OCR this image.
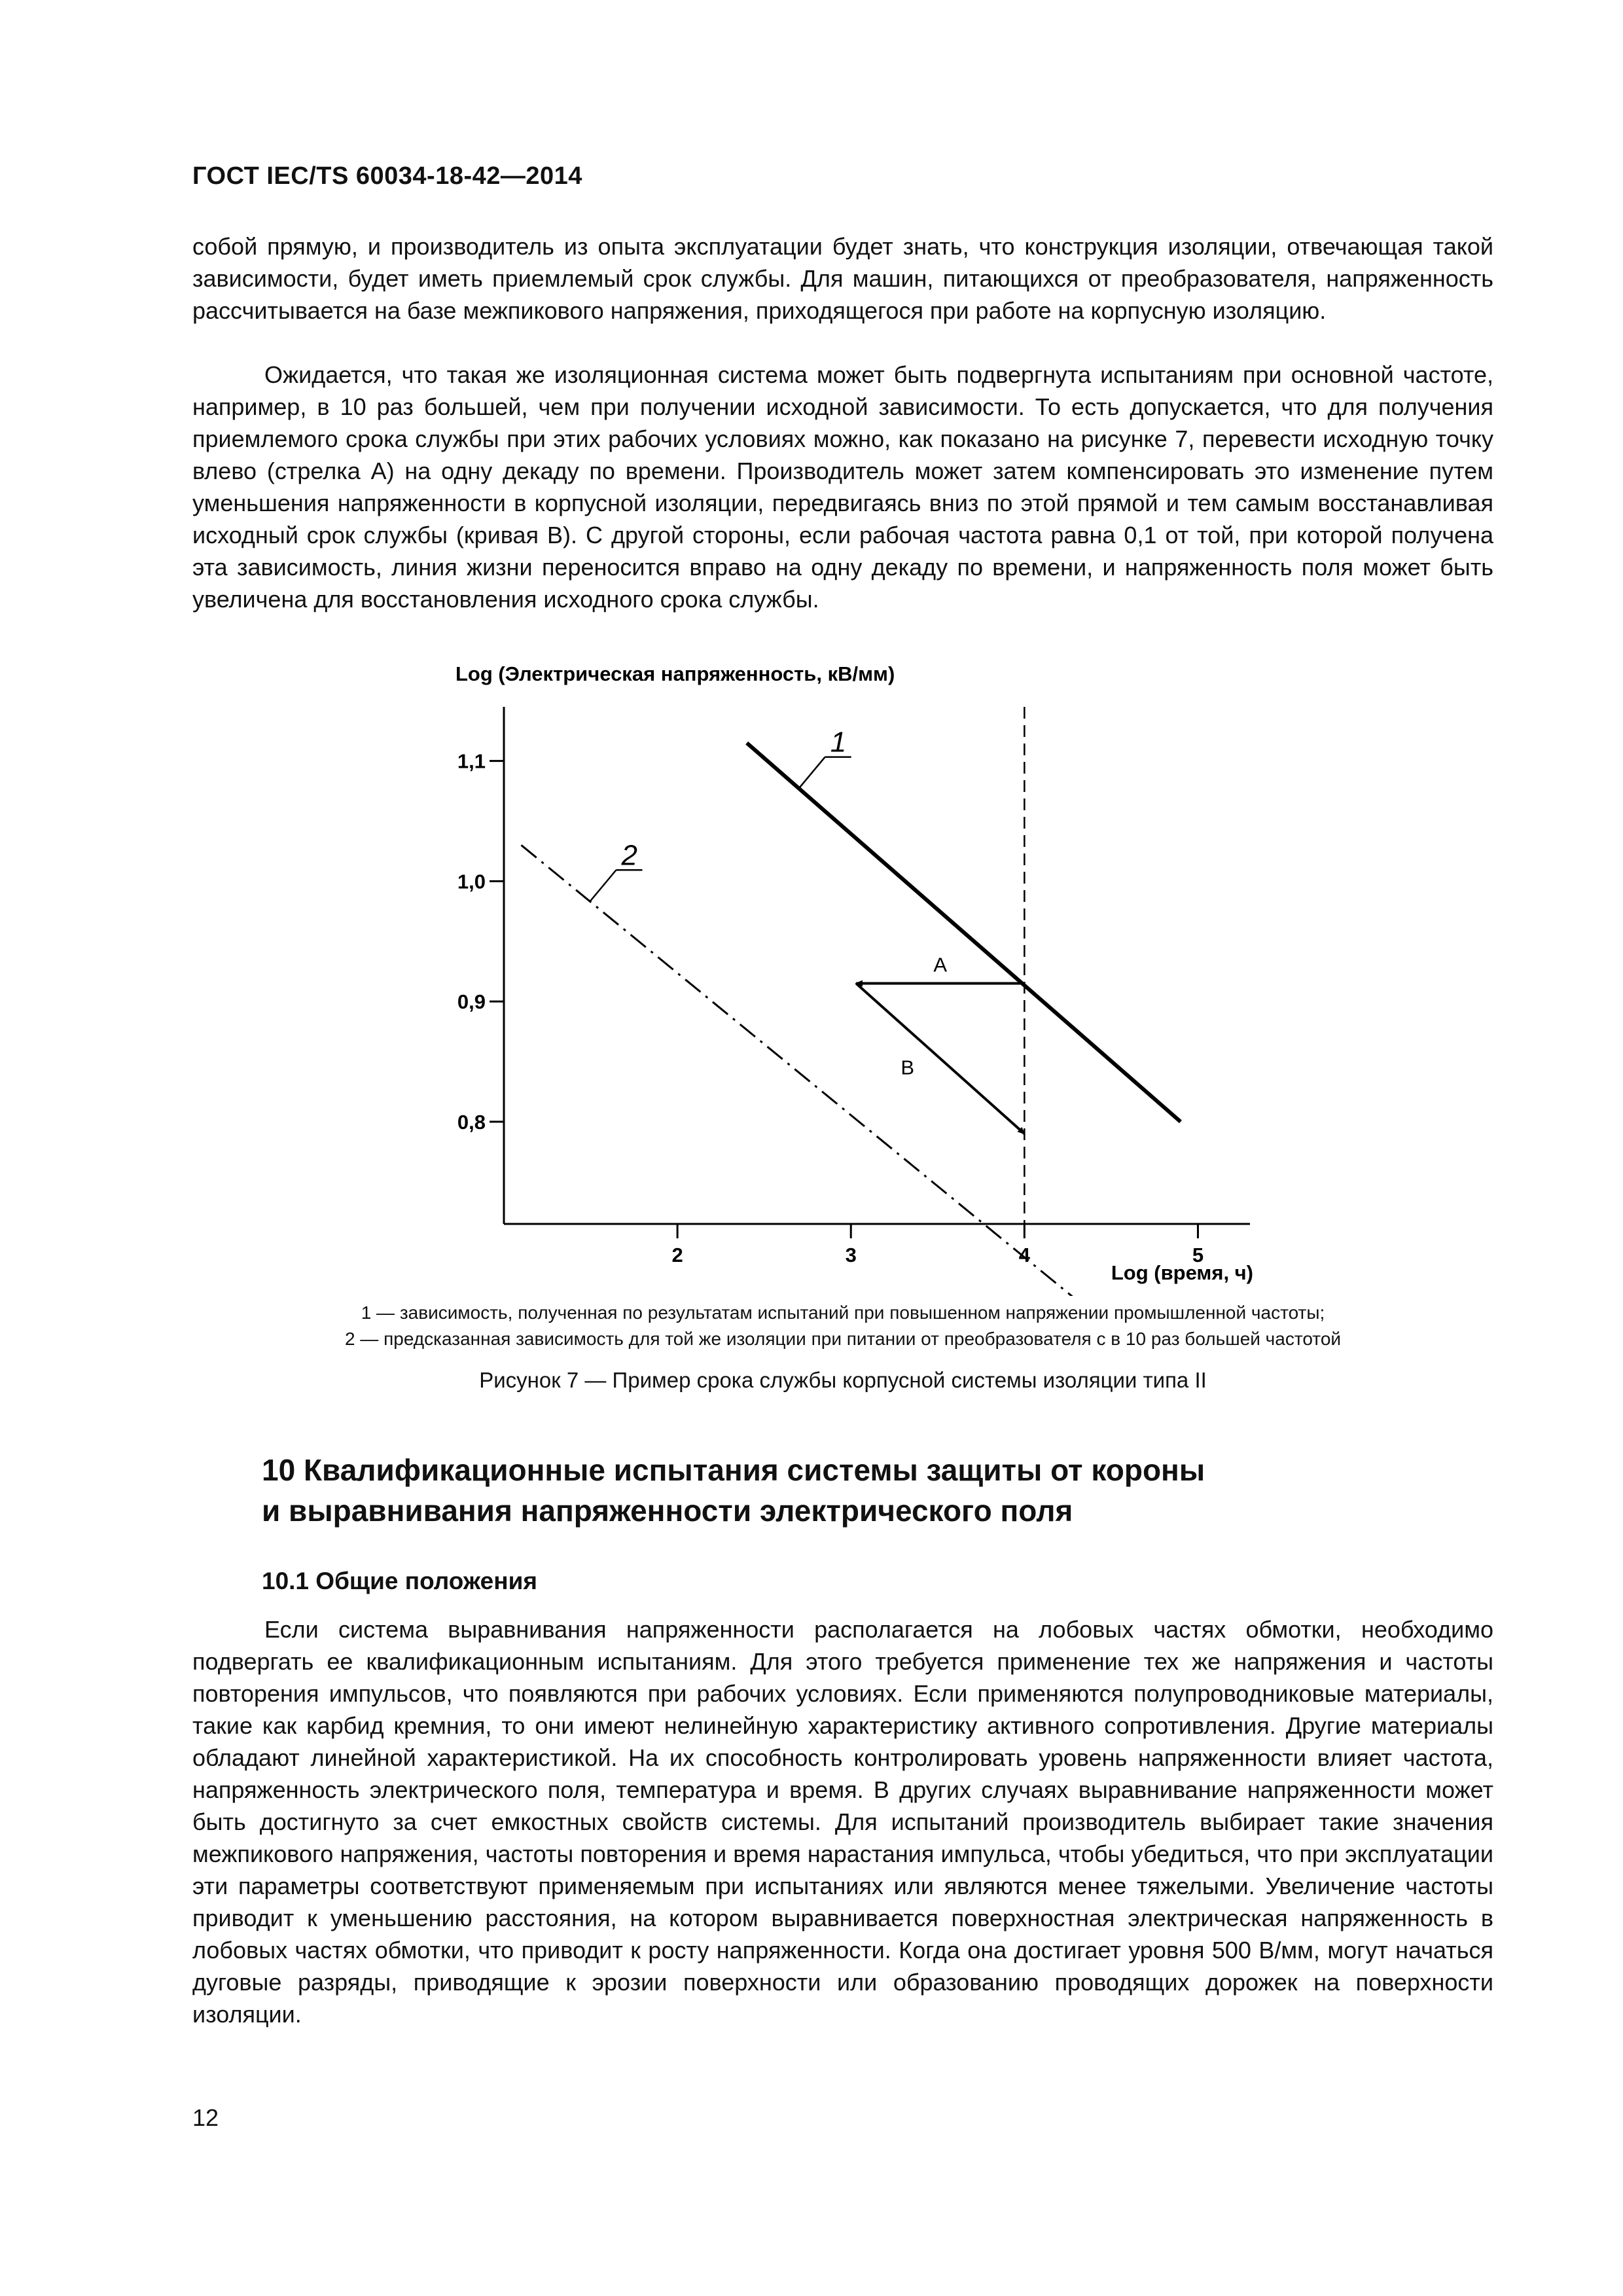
ГОСТ IEC/TS 60034-18-42—2014

собой прямую, и производитель из опыта эксплуатации будет знать, что конструкция изоляции, отвечающая такой зависимости, будет иметь приемлемый срок службы. Для машин, питающихся от преобразователя, напряженность рассчитывается на базе межпикового напряжения, приходящегося при работе на корпусную изоляцию.

Ожидается, что такая же изоляционная система может быть подвергнута испытаниям при основной частоте, например, в 10 раз большей, чем при получении исходной зависимости. То есть допускается, что для получения приемлемого срока службы при этих рабочих условиях можно, как показано на рисунке 7, перевести исходную точку влево (стрелка А) на одну декаду по времени. Производитель может затем компенсировать это изменение путем уменьшения напряженности в корпусной изоляции, передвигаясь вниз по этой прямой и тем самым восстанавливая исходный срок службы (кривая В). С другой стороны, если рабочая частота равна 0,1 от той, при которой получена эта зависимость, линия жизни переносится вправо на одну декаду по времени, и напряженность поля может быть увеличена для восстановления исходного срока службы.

Log (Электрическая напряженность, кВ/мм)
Log (время, ч)
2	3	4	5
0,8
0,9
1,0
1,1
1
2
A
B

1 — зависимость, полученная по результатам испытаний при повышенном напряжении промышленной частоты;

2 — предсказанная зависимость для той же изоляции при питании от преобразователя с в 10 раз большей частотой

Рисунок 7 — Пример срока службы корпусной системы изоляции типа II

10 Квалификационные испытания системы защиты от короны
и выравнивания напряженности электрического поля
10.1 Общие положения

Если система выравнивания напряженности располагается на лобовых частях обмотки, необходимо подвергать ее квалификационным испытаниям. Для этого требуется применение тех же напряжения и частоты повторения импульсов, что появляются при рабочих условиях. Если применяются полупроводниковые материалы, такие как карбид кремния, то они имеют нелинейную характеристику активного сопротивления. Другие материалы обладают линейной характеристикой. На их способность контролировать уровень напряженности влияет частота, напряженность электрического поля, температура и время. В других случаях выравнивание напряженности может быть достигнуто за счет емкостных свойств системы. Для испытаний производитель выбирает такие значения межпикового напряжения, частоты повторения и время нарастания импульса, чтобы убедиться, что при эксплуатации эти параметры соответствуют применяемым при испытаниях или являются менее тяжелыми. Увеличение частоты приводит к уменьшению расстояния, на котором выравнивается поверхностная электрическая напряженность в лобовых частях обмотки, что приводит к росту напряженности. Когда она достигает уровня 500 В/мм, могут начаться дуговые разряды, приводящие к эрозии поверхности или образованию проводящих дорожек на поверхности изоляции.

12
